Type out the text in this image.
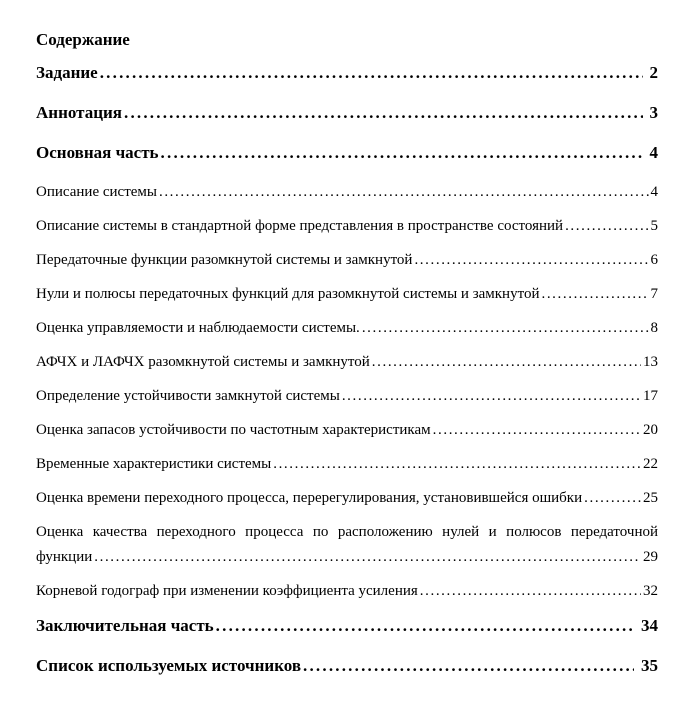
Содержание
Задание .....	2
Аннотация .....	3
Основная часть .....	4
Описание системы .....	4
Описание системы в стандартной форме представления в пространстве состояний .....	5
Передаточные функции разомкнутой системы и замкнутой .....	6
Нули и полюсы передаточных функций для разомкнутой системы и замкнутой .....	7
Оценка управляемости и наблюдаемости системы. .....	8
АФЧХ и ЛАФЧХ разомкнутой системы и замкнутой .....	13
Определение устойчивости замкнутой системы .....	17
Оценка запасов устойчивости по частотным характеристикам .....	20
Временные характеристики системы .....	22
Оценка времени переходного процесса, перерегулирования, установившейся ошибки .....	25
Оценка качества переходного процесса по расположению нулей и полюсов передаточной
функции .....	29
Корневой годограф при изменении коэффициента усиления .....	32
Заключительная часть .....	34
Список используемых источников .....	35
